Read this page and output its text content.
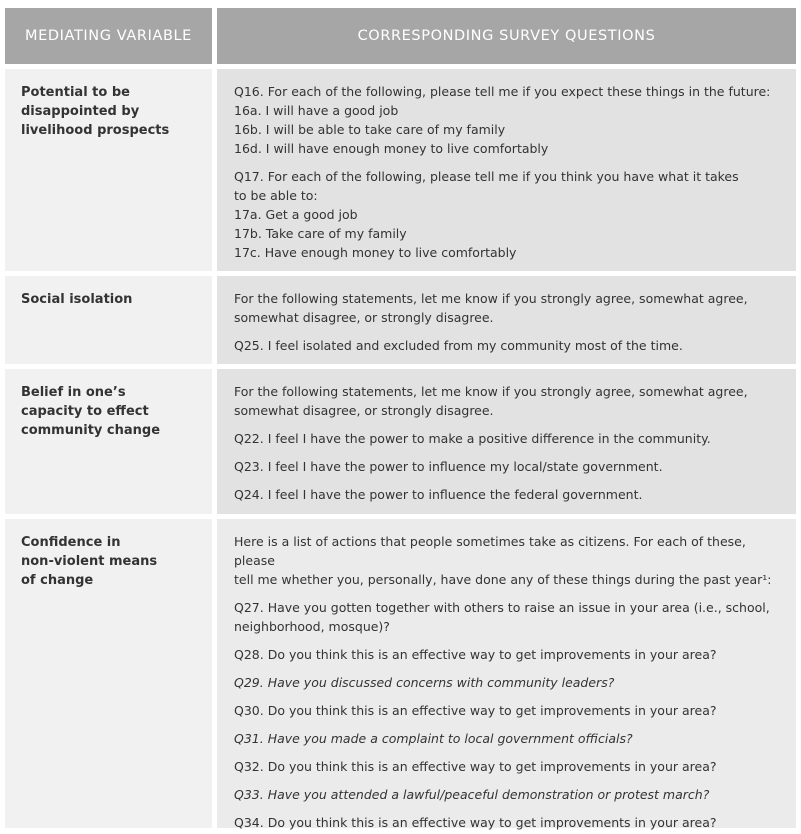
MEDIATING VARIABLE	CORRESPONDING SURVEY QUESTIONS

Potential to be
disappointed by
livelihood prospects

Q16. For each of the following, please tell me if you expect these things in the future:
16a. I will have a good job
16b. I will be able to take care of my family
16d. I will have enough money to live comfortably

Q17. For each of the following, please tell me if you think you have what it takes
to be able to:
17a. Get a good job
17b. Take care of my family
17c. Have enough money to live comfortably

Social isolation	For the following statements, let me know if you strongly agree, somewhat agree,
somewhat disagree, or strongly disagree.

Q25. I feel isolated and excluded from my community most of the time.

Belief in one’s
capacity to effect
community change

For the following statements, let me know if you strongly agree, somewhat agree,
somewhat disagree, or strongly disagree.

Q22. I feel I have the power to make a positive difference in the community.

Q23. I feel I have the power to influence my local/state government.

Q24. I feel I have the power to influence the federal government.

Confidence in
non-violent means
of change

Here is a list of actions that people sometimes take as citizens. For each of these, please
tell me whether you, personally, have done any of these things during the past year¹:

Q27. Have you gotten together with others to raise an issue in your area (i.e., school,
neighborhood, mosque)?

Q28. Do you think this is an effective way to get improvements in your area?

Q29. Have you discussed concerns with community leaders?

Q30. Do you think this is an effective way to get improvements in your area?

Q31. Have you made a complaint to local government officials?

Q32. Do you think this is an effective way to get improvements in your area?

Q33. Have you attended a lawful/peaceful demonstration or protest march?

Q34. Do you think this is an effective way to get improvements in your area?
